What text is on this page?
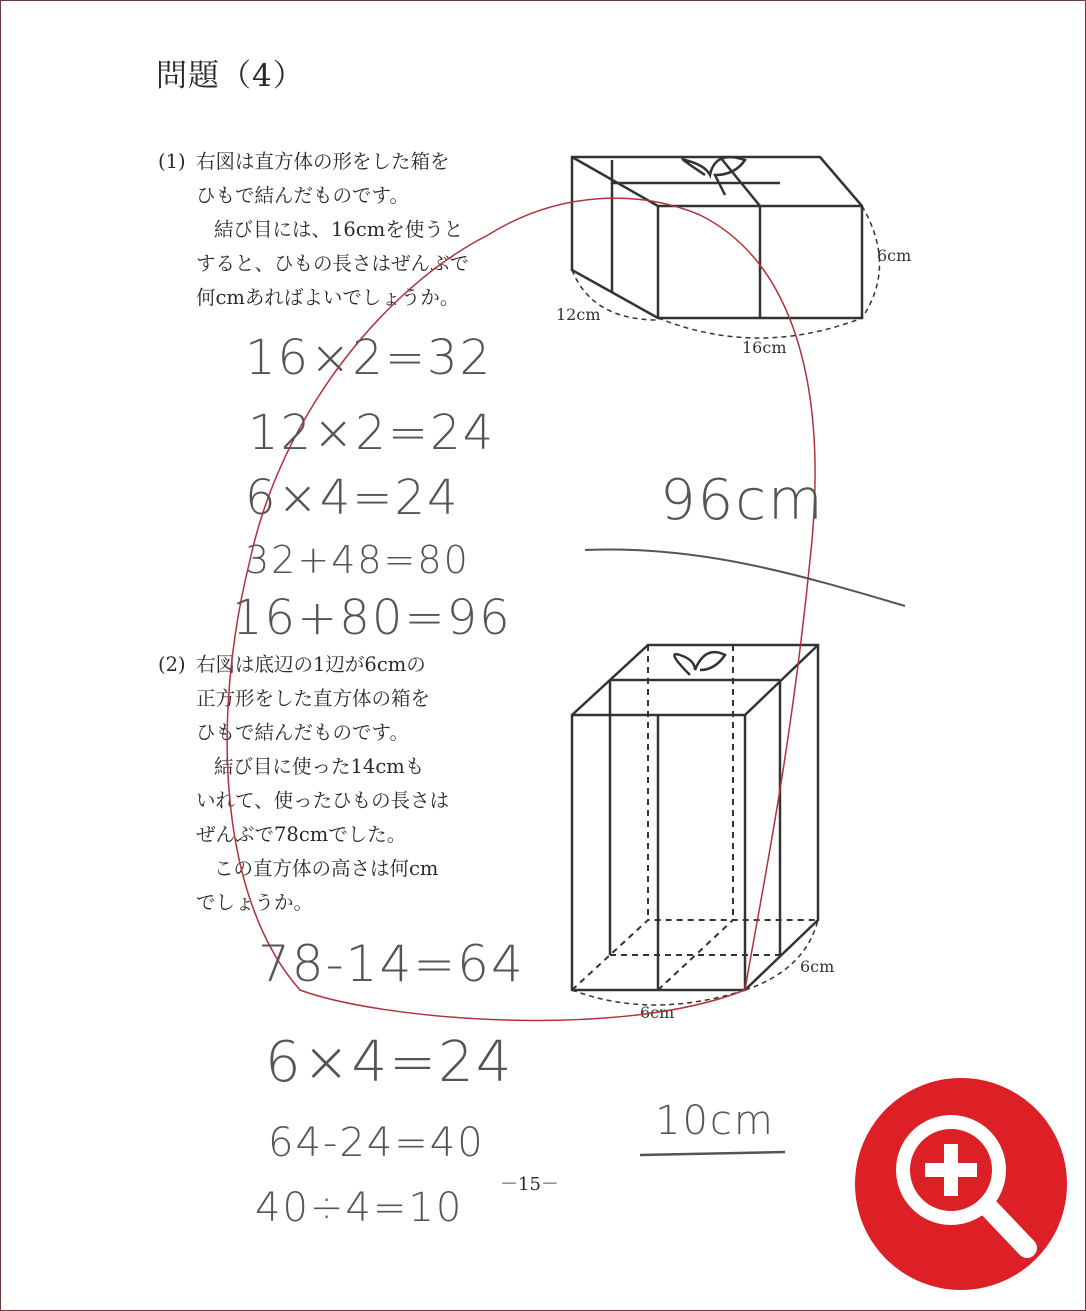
問題（4）
(1) 右図は直方体の形をした箱を
ひもで結んだものです。
結び目には、16cmを使うと
すると、ひもの長さはぜんぶで
何cmあればよいでしょうか。
(2) 右図は底辺の1辺が6cmの
正方形をした直方体の箱を
ひもで結んだものです。
結び目に使った14cmも
いれて、使ったひもの長さは
ぜんぶで78cmでした。
この直方体の高さは何cm
でしょうか。
6cm
12cm
16cm
6cm
6cm
16×2=32
12×2=24
6×4=24
32+48=80
16+80=96
96cm
78-14=64
6×4=24
64-24=40
40÷4=10
10cm
－15－
